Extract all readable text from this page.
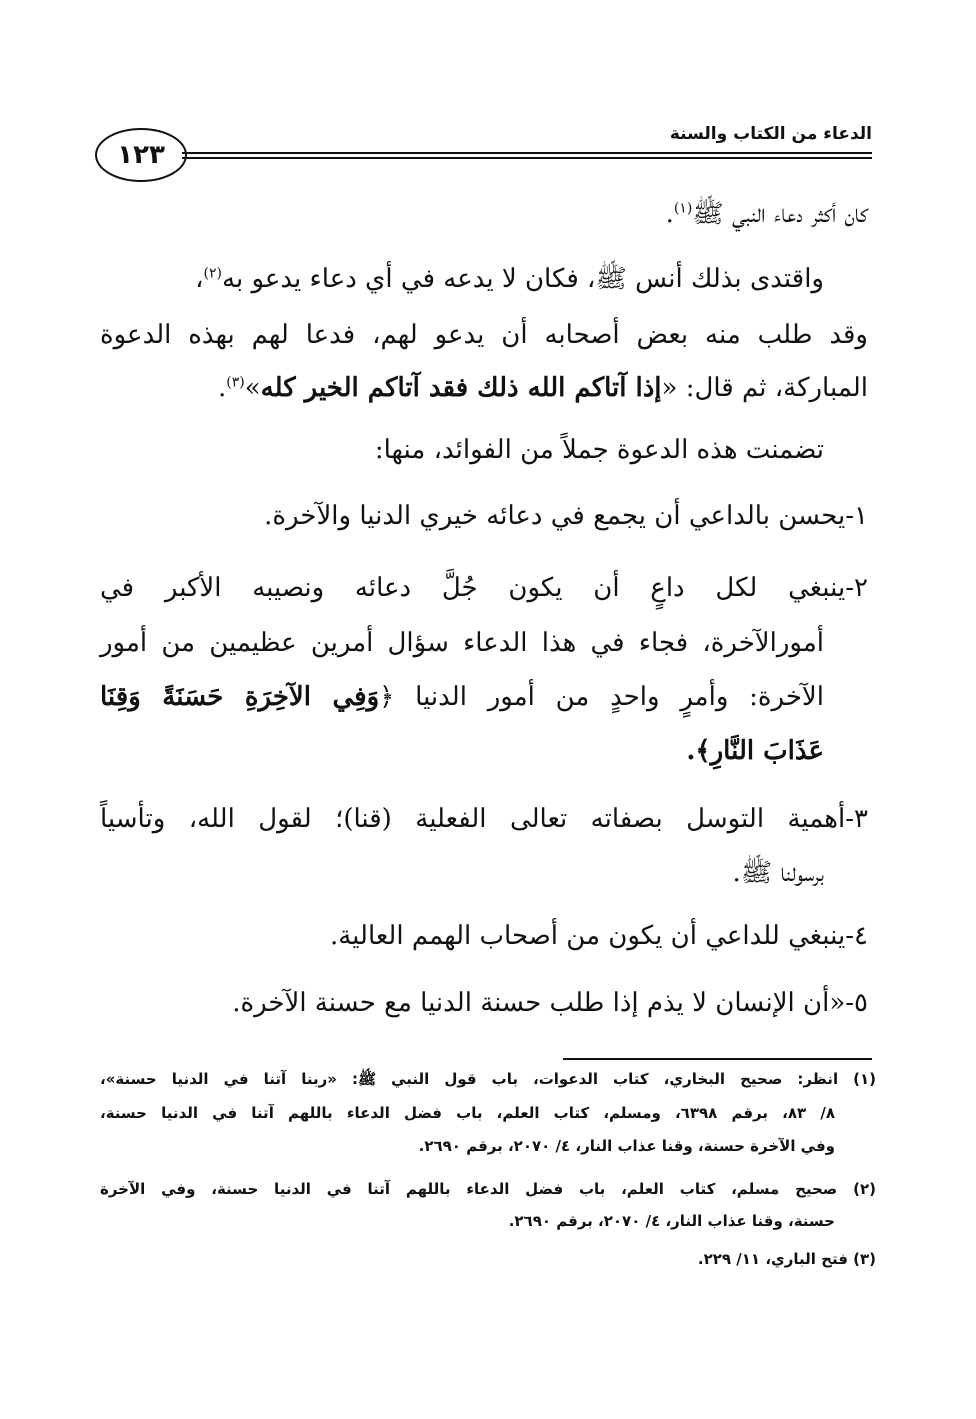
الدعاء من الكتاب والسنة
١٢٣
كان أكثر دعاء النبي ﷺ$^{(١)}$.
واقتدى بذلك أنس ﷺ، فكان لا يدعه في أي دعاء يدعو به$^{(٢)}$،
وقد طلب منه بعض أصحابه أن يدعو لهم، فدعا لهم بهذه الدعوة
المباركة، ثم قال: «إذا آتاكم الله ذلك فقد آتاكم الخير كله»$^{(٣)}$.
تضمنت هذه الدعوة جملاً من الفوائد، منها:
١-يحسن بالداعي أن يجمع في دعائه خيري الدنيا والآخرة.
٢-ينبغي لكل داعٍ أن يكون جُلَّ دعائه ونصيبه الأكبر في
أمورالآخرة، فجاء في هذا الدعاء سؤال أمرين عظيمين من أمور
الآخرة: وأمرٍ واحدٍ من أمور الدنيا ﴿وَفِي الآخِرَةِ حَسَنَةً وَقِنَا
عَذَابَ النَّارِ﴾.
٣-أهمية التوسل بصفاته تعالى الفعلية (قنا)؛ لقول الله، وتأسياً
برسولنا ﷺ.
٤-ينبغي للداعي أن يكون من أصحاب الهمم العالية.
٥-«أن الإنسان لا يذم إذا طلب حسنة الدنيا مع حسنة الآخرة.
(١) انظر: صحيح البخاري، كتاب الدعوات، باب قول النبي ﷺ: «ربنا آتنا في الدنيا حسنة»،
٨/ ٨٣، برقم ٦٣٩٨، ومسلم، كتاب العلم، باب فضل الدعاء باللهم آتنا في الدنيا حسنة،
وفي الآخرة حسنة، وقنا عذاب النار، ٤/ ٢٠٧٠، برقم ٢٦٩٠.
(٢) صحيح مسلم، كتاب العلم، باب فضل الدعاء باللهم آتنا في الدنيا حسنة، وفي الآخرة
حسنة، وقنا عذاب النار، ٤/ ٢٠٧٠، برقم ٢٦٩٠.
(٣) فتح الباري، ١١/ ٢٢٩.
